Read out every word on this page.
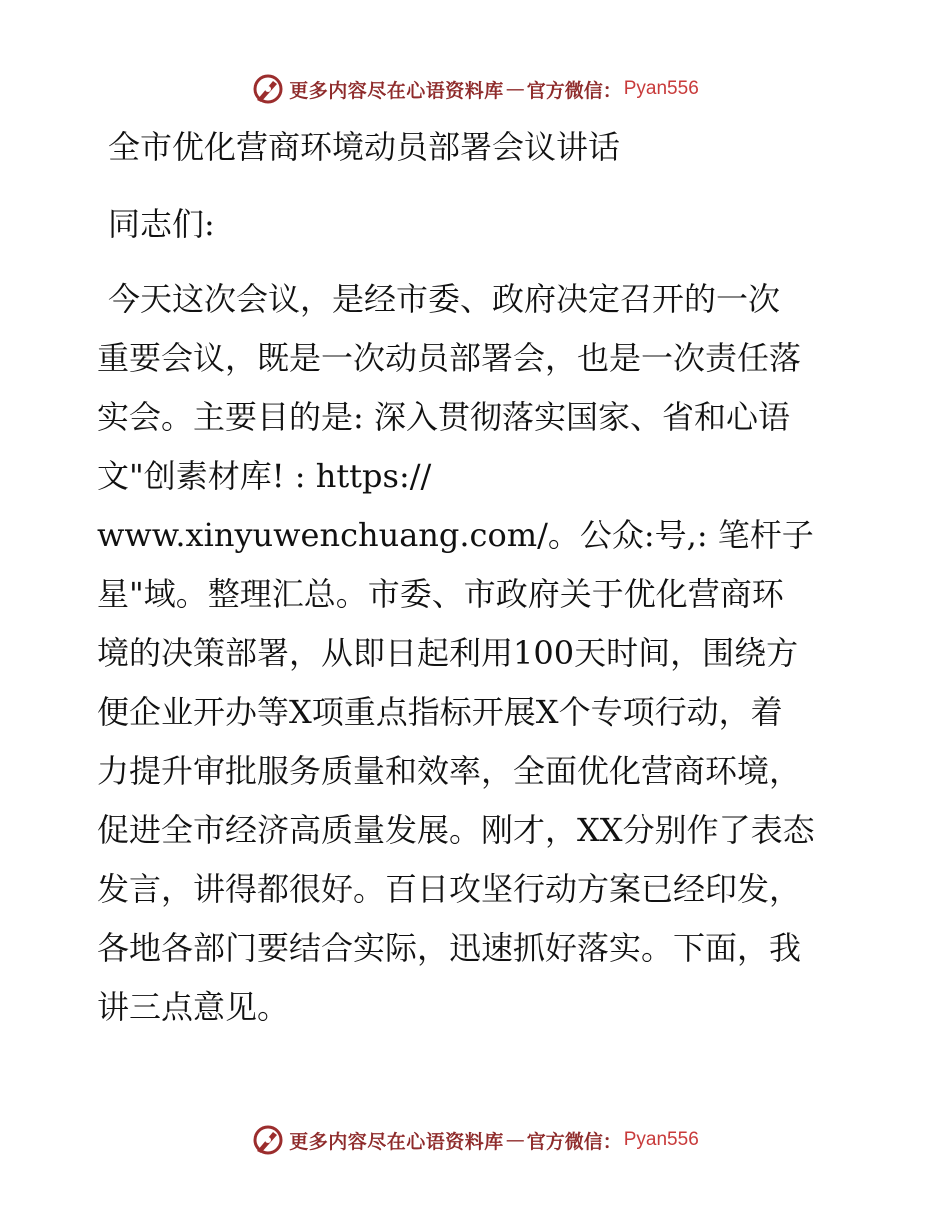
更多内容尽在心语资料库 — 官方微信： Pyan556
全市优化营商环境动员部署会议讲话
同志们:
今天这次会议，是经市委、政府决定召开的一次
重要会议，既是一次动员部署会，也是一次责任落
实会。主要目的是: 深入贯彻落实国家、省和心语
文"创素材库! : https://
www.xinyuwenchuang.com/。公众:号,: 笔杆子
星"域。整理汇总。市委、市政府关于优化营商环
境的决策部署，从即日起利用100天时间，围绕方
便企业开办等X项重点指标开展X个专项行动，着
力提升审批服务质量和效率，全面优化营商环境，
促进全市经济高质量发展。刚才，XX分别作了表态
发言，讲得都很好。百日攻坚行动方案已经印发，
各地各部门要结合实际，迅速抓好落实。下面，我
讲三点意见。
更多内容尽在心语资料库 — 官方微信： Pyan556
